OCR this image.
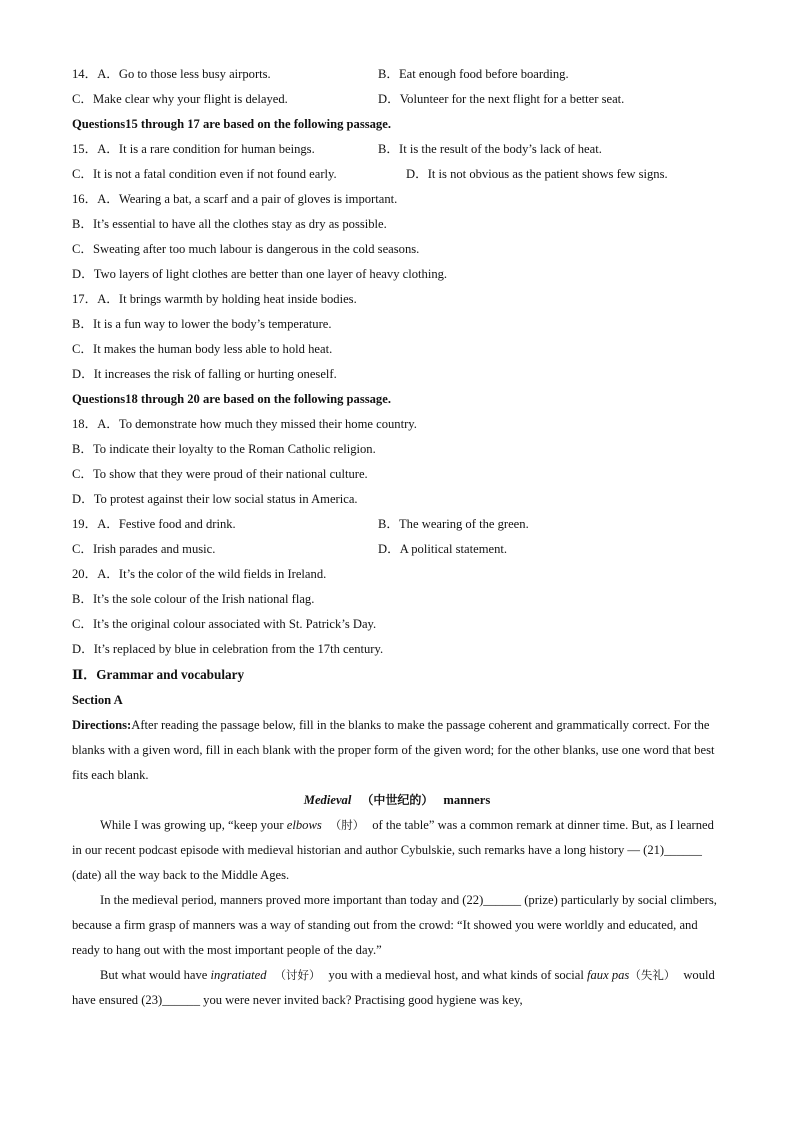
14．A．Go to those less busy airports.	B．Eat enough food before boarding.
C．Make clear why your flight is delayed.	D．Volunteer for the next flight for a better seat.
Questions15 through 17 are based on the following passage.
15．A．It is a rare condition for human beings.	B．It is the result of the body’s lack of heat.
C．It is not a fatal condition even if not found early.	D．It is not obvious as the patient shows few signs.
16．A．Wearing a bat, a scarf and a pair of gloves is important.
B．It’s essential to have all the clothes stay as dry as possible.
C．Sweating after too much labour is dangerous in the cold seasons.
D．Two layers of light clothes are better than one layer of heavy clothing.
17．A．It brings warmth by holding heat inside bodies.
B．It is a fun way to lower the body’s temperature.
C．It makes the human body less able to hold heat.
D．It increases the risk of falling or hurting oneself.
Questions18 through 20 are based on the following passage.
18．A．To demonstrate how much they missed their home country.
B．To indicate their loyalty to the Roman Catholic religion.
C．To show that they were proud of their national culture.
D．To protest against their low social status in America.
19．A．Festive food and drink.	B．The wearing of the green.
C．Irish parades and music.	D．A political statement.
20．A．It’s the color of the wild fields in Ireland.
B．It’s the sole colour of the Irish national flag.
C．It’s the original colour associated with St. Patrick’s Day.
D．It’s replaced by blue in celebration from the 17th century.
Ⅱ．Grammar and vocabulary
Section A
Directions:After reading the passage below, fill in the blanks to make the passage coherent and grammatically correct. For the blanks with a given word, fill in each blank with the proper form of the given word; for the other blanks, use one word that best fits each blank.
Medieval （中世纪的） manners
While I was growing up, “keep your elbows （肘） of the table” was a common remark at dinner time. But, as I learned in our recent podcast episode with medieval historian and author Cybulskie, such remarks have a long history — (21)______ (date) all the way back to the Middle Ages.
In the medieval period, manners proved more important than today and (22)______ (prize) particularly by social climbers, because a firm grasp of manners was a way of standing out from the crowd: “It showed you were worldly and educated, and ready to hang out with the most important people of the day.”
But what would have ingratiated （讨好） you with a medieval host, and what kinds of social faux pas（失礼） would have ensured (23)______ you were never invited back? Practising good hygiene was key,
